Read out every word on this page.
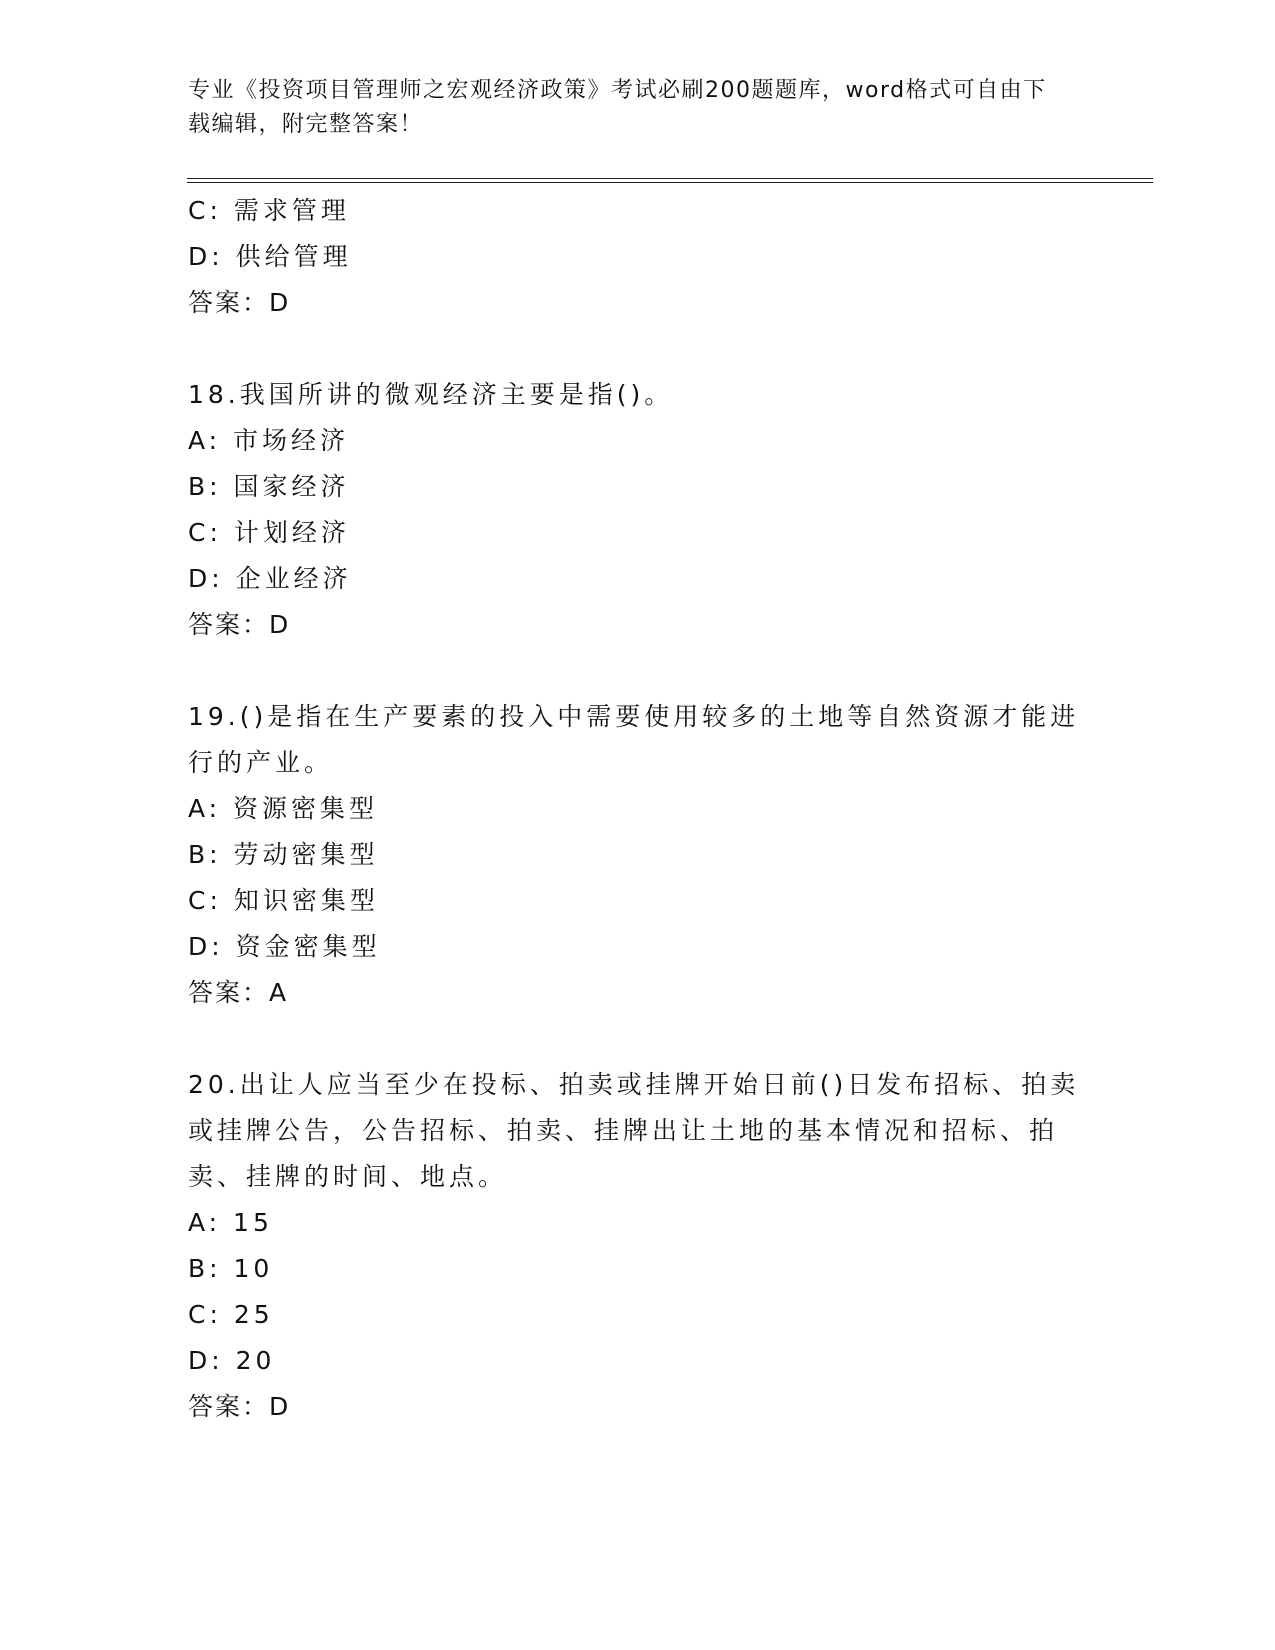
专业《投资项目管理师之宏观经济政策》考试必刷200题题库，word格式可自由下载编辑，附完整答案！
C: 需求管理
D: 供给管理
答案：D
18.我国所讲的微观经济主要是指()。
A: 市场经济
B: 国家经济
C: 计划经济
D: 企业经济
答案：D
19.()是指在生产要素的投入中需要使用较多的土地等自然资源才能进行的产业。
A: 资源密集型
B: 劳动密集型
C: 知识密集型
D: 资金密集型
答案：A
20.出让人应当至少在投标、拍卖或挂牌开始日前()日发布招标、拍卖或挂牌公告，公告招标、拍卖、挂牌出让土地的基本情况和招标、拍卖、挂牌的时间、地点。
A: 15
B: 10
C: 25
D: 20
答案：D
